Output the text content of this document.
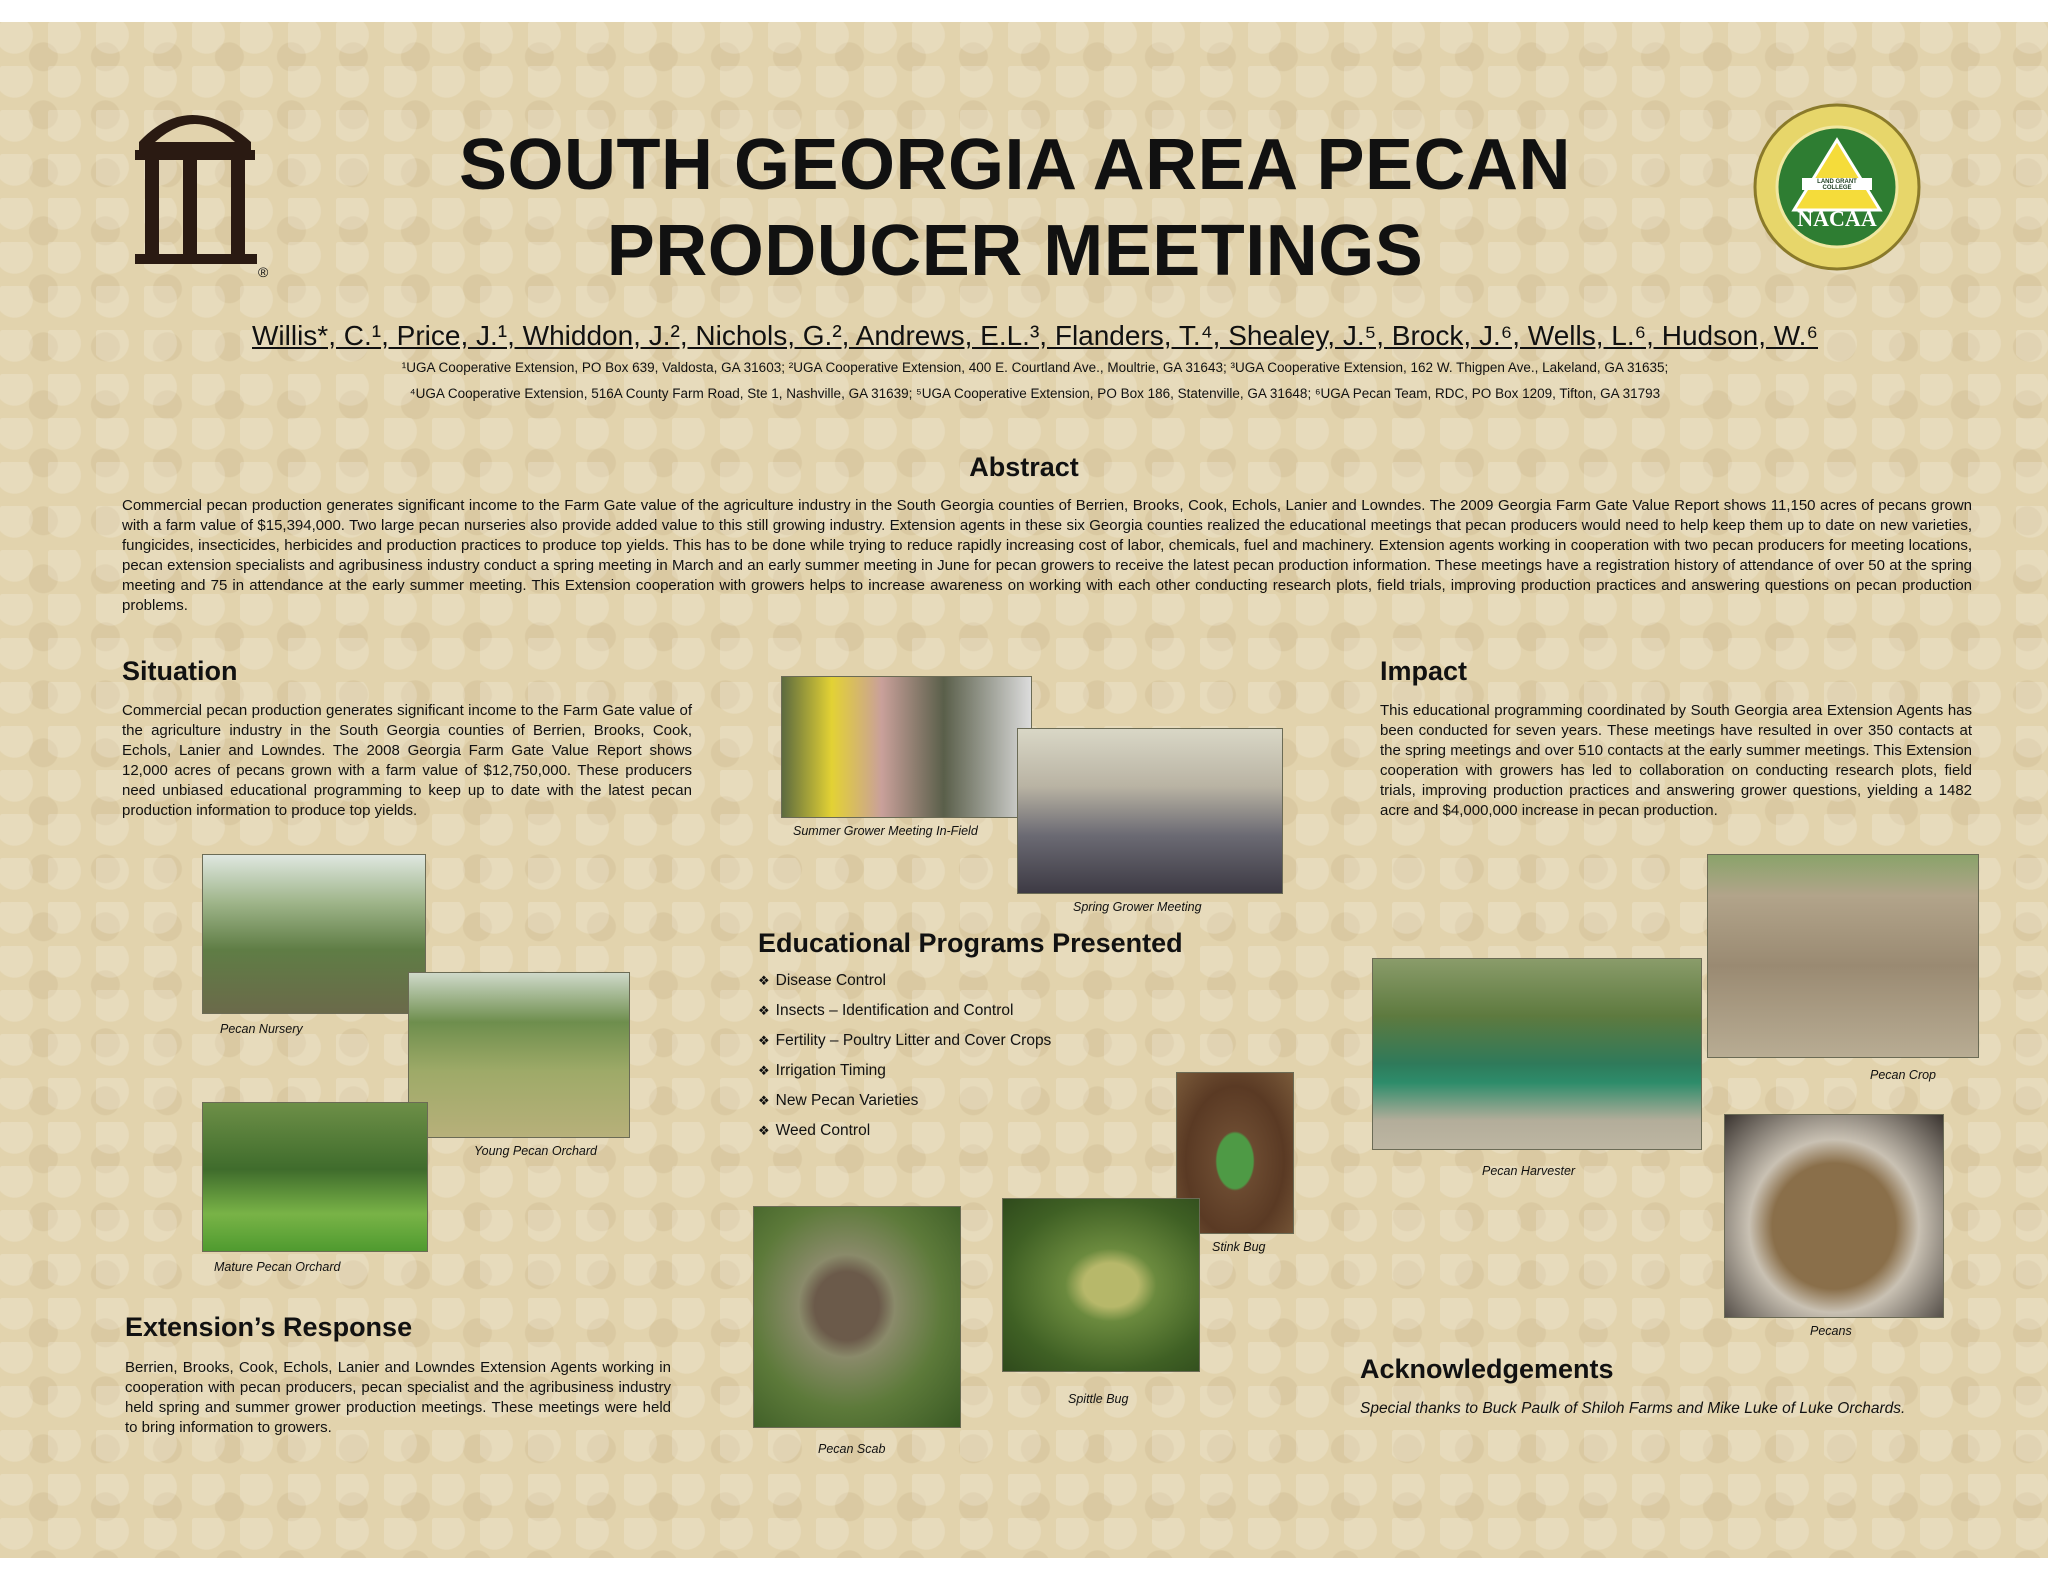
®
SOUTH GEORGIA AREA PECAN
PRODUCER MEETINGS	NACAA
LAND GRANT COLLEGE
Willis*, C.¹, Price, J.¹, Whiddon, J.², Nichols, G.², Andrews, E.L.³, Flanders, T.⁴, Shealey, J.⁵, Brock, J.⁶, Wells, L.⁶, Hudson, W.⁶
¹UGA Cooperative Extension, PO Box 639, Valdosta, GA 31603; ²UGA Cooperative Extension, 400 E. Courtland Ave., Moultrie, GA 31643; ³UGA Cooperative Extension, 162 W. Thigpen Ave., Lakeland, GA 31635;
⁴UGA Cooperative Extension, 516A County Farm Road, Ste 1, Nashville, GA 31639; ⁵UGA Cooperative Extension, PO Box 186, Statenville, GA 31648; ⁶UGA Pecan Team, RDC, PO Box 1209, Tifton, GA 31793
Abstract
Commercial pecan production generates significant income to the Farm Gate value of the agriculture industry in the South Georgia counties of Berrien, Brooks, Cook, Echols, Lanier and Lowndes. The 2009 Georgia Farm Gate Value Report shows 11,150 acres of pecans grown with a farm value of $15,394,000. Two large pecan nurseries also provide added value to this still growing industry. Extension agents in these six Georgia counties realized the educational meetings that pecan producers would need to help keep them up to date on new varieties, fungicides, insecticides, herbicides and production practices to produce top yields. This has to be done while trying to reduce rapidly increasing cost of labor, chemicals, fuel and machinery. Extension agents working in cooperation with two pecan producers for meeting locations, pecan extension specialists and agribusiness industry conduct a spring meeting in March and an early summer meeting in June for pecan growers to receive the latest pecan production information. These meetings have a registration history of attendance of over 50 at the spring meeting and 75 in attendance at the early summer meeting. This Extension cooperation with growers helps to increase awareness on working with each other conducting research plots, field trials, improving production practices and answering questions on pecan production problems.
Situation
Commercial pecan production generates significant income to the Farm Gate value of the agriculture industry in the South Georgia counties of Berrien, Brooks, Cook, Echols, Lanier and Lowndes. The 2008 Georgia Farm Gate Value Report shows 12,000 acres of pecans grown with a farm value of $12,750,000. These producers need unbiased educational programming to keep up to date with the latest pecan production information to produce top yields.
Pecan Nursery
Young Pecan Orchard
Mature Pecan Orchard
Extension’s Response
Berrien, Brooks, Cook, Echols, Lanier and Lowndes Extension Agents working in cooperation with pecan producers, pecan specialist and the agribusiness industry held spring and summer grower production meetings. These meetings were held to bring information to growers.
Summer Grower Meeting In-Field
Spring Grower Meeting
Educational Programs Presented
❖ Disease Control
❖ Insects – Identification and Control
❖ Fertility – Poultry Litter and Cover Crops
❖ Irrigation Timing
❖ New Pecan Varieties
❖ Weed Control
Stink Bug
Spittle Bug
Pecan Scab
Impact
This educational programming coordinated by South Georgia area Extension Agents has been conducted for seven years. These meetings have resulted in over 350 contacts at the spring meetings and over 510 contacts at the early summer meetings. This Extension cooperation with growers has led to collaboration on conducting research plots, field trials, improving production practices and answering grower questions, yielding a 1482 acre and $4,000,000 increase in pecan production.
Pecan Crop
Pecan Harvester
Pecans
Acknowledgements
Special thanks to Buck Paulk of Shiloh Farms and Mike Luke of Luke Orchards.
